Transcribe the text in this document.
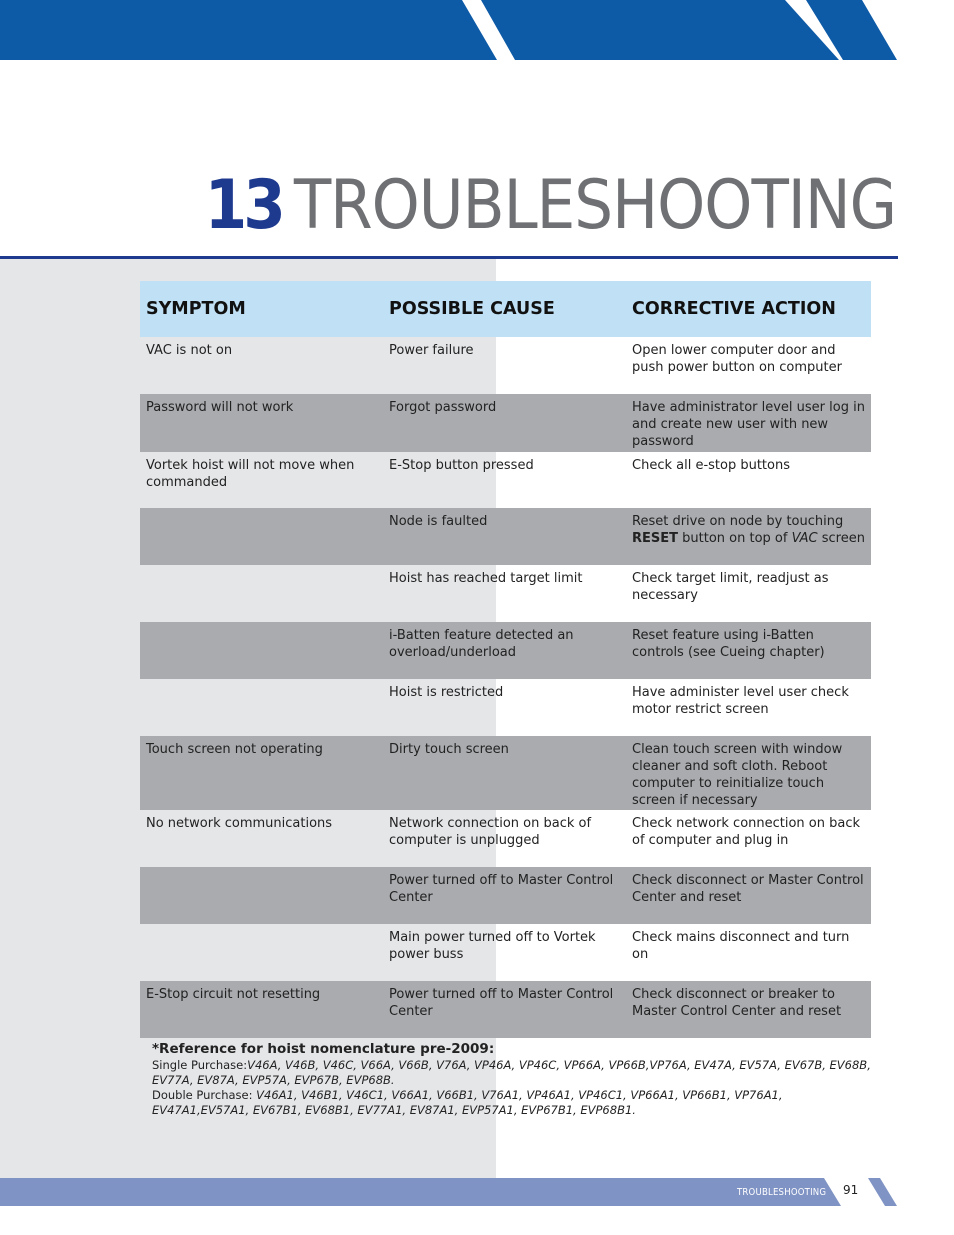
13 TROUBLESHOOTING
SYMPTOM	POSSIBLE CAUSE	CORRECTIVE ACTION
VAC is not on	Power failure	Open lower computer door and push power button on computer
Password will not work	Forgot password	Have administrator level user log in and create new user with new password
Vortek hoist will not move when commanded	E-Stop button pressed	Check all e-stop buttons
	Node is faulted	Reset drive on node by touching RESET button on top of VAC screen
	Hoist has reached target limit	Check target limit, readjust as necessary
	i-Batten feature detected an overload/underload	Reset feature using i-Batten controls (see Cueing chapter)
	Hoist is restricted	Have administer level user check motor restrict screen
Touch screen not operating	Dirty touch screen	Clean touch screen with window cleaner and soft cloth. Reboot computer to reinitialize touch screen if necessary
No network communications	Network connection on back of computer is unplugged	Check network connection on back of computer and plug in
	Power turned off to Master Control Center	Check disconnect or Master Control Center and reset
	Main power turned off to Vortek power buss	Check mains disconnect and turn on
E-Stop circuit not resetting	Power turned off to Master Control Center	Check disconnect or breaker to Master Control Center and reset
*Reference for hoist nomenclature pre-2009:

Single Purchase:V46A, V46B, V46C, V66A, V66B, V76A, VP46A, VP46C, VP66A, VP66B,VP76A, EV47A, EV57A, EV67B, EV68B, EV77A, EV87A, EVP57A, EVP67B, EVP68B.

Double Purchase: V46A1, V46B1, V46C1, V66A1, V66B1, V76A1, VP46A1, VP46C1, VP66A1, VP66B1, VP76A1, EV47A1,EV57A1, EV67B1, EV68B1, EV77A1, EV87A1, EVP57A1, EVP67B1, EVP68B1.

TROUBLESHOOTING 91
